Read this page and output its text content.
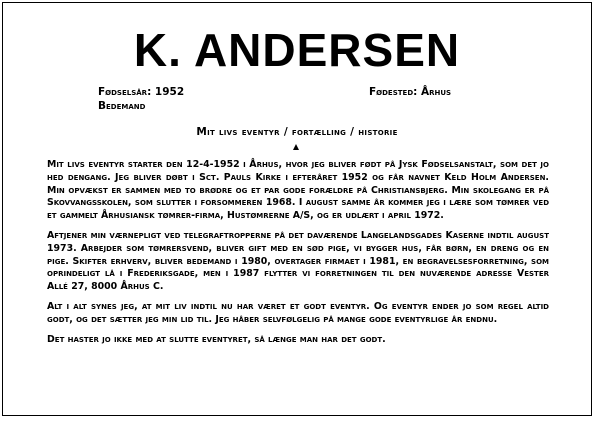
K. ANDERSEN
Fødselsår: 1952
Bedemand
Fødested: Århus
Mit livs eventyr / fortælling / historie

Mit livs eventyr starter den 12-4-1952 i Århus, hvor jeg bliver født på Jysk Fødselsanstalt, som det jo hed dengang. Jeg bliver døbt i Sct. Pauls Kirke i efteråret 1952 og får navnet Keld Holm Andersen. Min opvækst er sammen med to brødre og et par gode forældre på Christiansbjerg. Min skolegang er på Skovvangsskolen, som slutter i forsommeren 1968. I august samme år kommer jeg i lære som tømrer ved et gammelt Århusiansk tømrer-firma, Hustømrerne A/S, og er udlært i april 1972.

Aftjener min værnepligt ved telegraftropperne på det daværende Langelandsgades Kaserne indtil august 1973. Arbejder som tømrersvend, bliver gift med en sød pige, vi bygger hus, får børn, en dreng og en pige. Skifter erhverv, bliver bedemand i 1980, overtager firmaet i 1981, en begravelsesforretning, som oprindeligt lå i Frederiksgade, men i 1987 flytter vi forretningen til den nuværende adresse Vester Allé 27, 8000 Århus C.

Alt i alt synes jeg, at mit liv indtil nu har været et godt eventyr. Og eventyr ender jo som regel altid godt, og det sætter jeg min lid til. Jeg håber selvfølgelig på mange gode eventyrlige år endnu.

Det haster jo ikke med at slutte eventyret, så længe man har det godt.
